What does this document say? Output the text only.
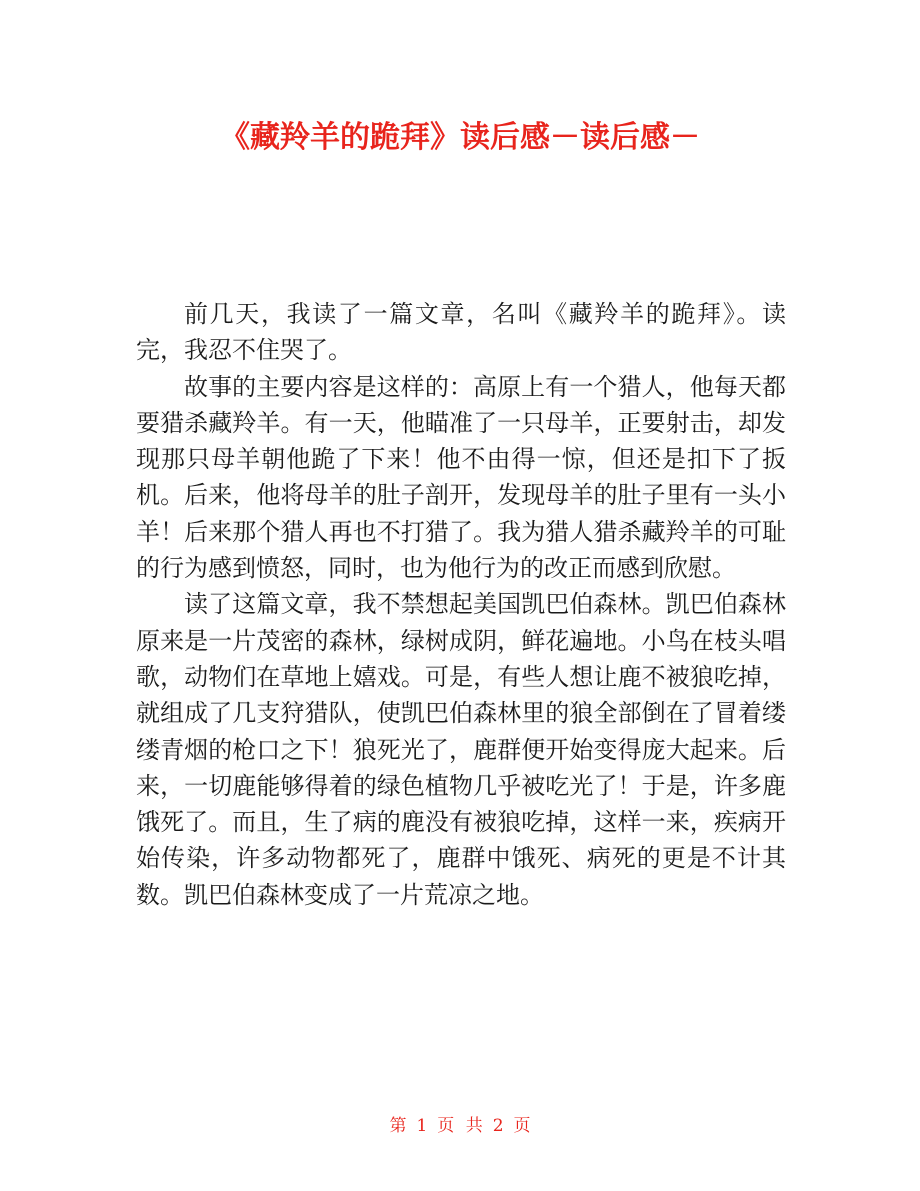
《藏羚羊的跪拜》读后感－读后感－

前几天，我读了一篇文章，名叫《藏羚羊的跪拜》。读完，我忍不住哭了。

故事的主要内容是这样的：高原上有一个猎人，他每天都要猎杀藏羚羊。有一天，他瞄准了一只母羊，正要射击，却发现那只母羊朝他跪了下来！他不由得一惊，但还是扣下了扳机。后来，他将母羊的肚子剖开，发现母羊的肚子里有一头小羊！后来那个猎人再也不打猎了。我为猎人猎杀藏羚羊的可耻的行为感到愤怒，同时，也为他行为的改正而感到欣慰。

读了这篇文章，我不禁想起美国凯巴伯森林。凯巴伯森林原来是一片茂密的森林，绿树成阴，鲜花遍地。小鸟在枝头唱歌，动物们在草地上嬉戏。可是，有些人想让鹿不被狼吃掉，就组成了几支狩猎队，使凯巴伯森林里的狼全部倒在了冒着缕缕青烟的枪口之下！狼死光了，鹿群便开始变得庞大起来。后来，一切鹿能够得着的绿色植物几乎被吃光了！于是，许多鹿饿死了。而且，生了病的鹿没有被狼吃掉，这样一来，疾病开始传染，许多动物都死了，鹿群中饿死、病死的更是不计其数。凯巴伯森林变成了一片荒凉之地。

第 1 页 共 2 页
